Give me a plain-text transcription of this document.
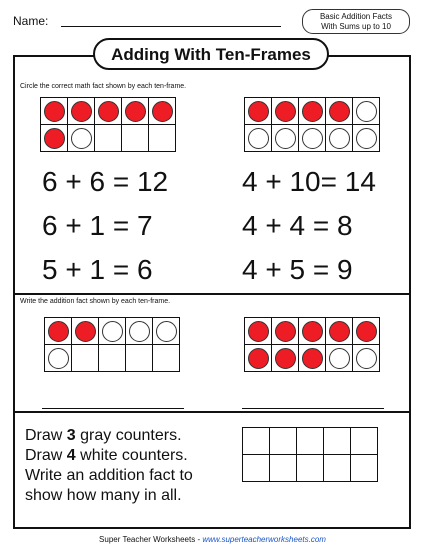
Name:	Basic Addition Facts
With Sums up to 10
Adding With Ten-Frames
Circle the correct math fact shown by each ten-frame.
6 + 6 = 12
6 + 1 = 7
5 + 1 = 6
4 + 10= 14
4 + 4 = 8
4 + 5 = 9
Write the addition fact shown by each ten-frame.
Draw 3 gray counters.
Draw 4 white counters.
Write an addition fact to
show how many in all.
Super Teacher Worksheets - www.superteacherworksheets.com
